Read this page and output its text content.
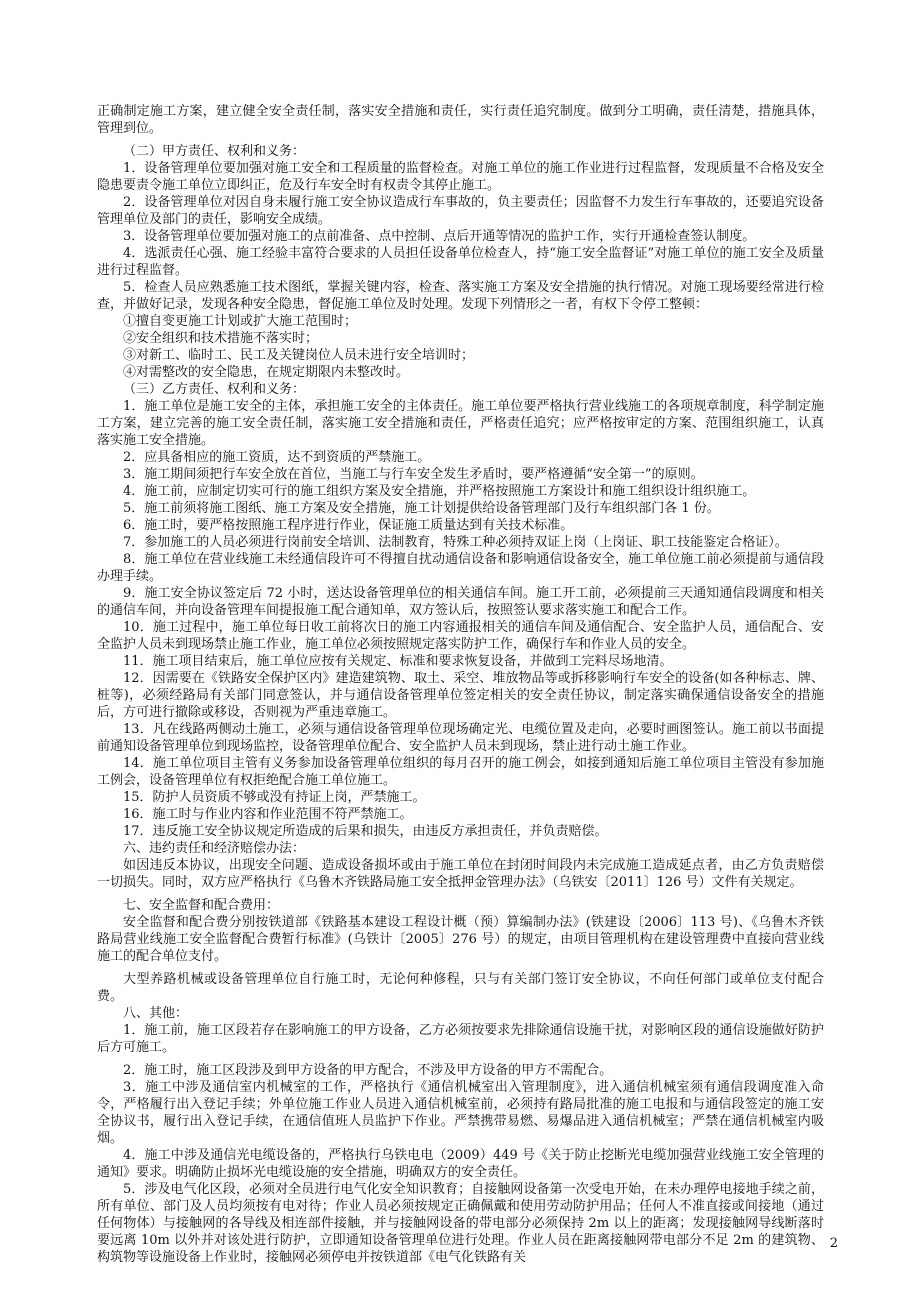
正确制定施工方案，建立健全安全责任制，落实安全措施和责任，实行责任追究制度。做到分工明确，责任清楚，措施具体，管理到位。

（二）甲方责任、权利和义务：

1．设备管理单位要加强对施工安全和工程质量的监督检查。对施工单位的施工作业进行过程监督，发现质量不合格及安全隐患要责令施工单位立即纠正，危及行车安全时有权责令其停止施工。

2．设备管理单位对因自身未履行施工安全协议造成行车事故的，负主要责任；因监督不力发生行车事故的，还要追究设备管理单位及部门的责任，影响安全成绩。

3．设备管理单位要加强对施工的点前准备、点中控制、点后开通等情况的监护工作，实行开通检查签认制度。

4．选派责任心强、施工经验丰富符合要求的人员担任设备单位检查人，持“施工安全监督证”对施工单位的施工安全及质量进行过程监督。

5．检查人员应熟悉施工技术图纸，掌握关键内容，检查、落实施工方案及安全措施的执行情况。对施工现场要经常进行检查，并做好记录，发现各种安全隐患，督促施工单位及时处理。发现下列情形之一者，有权下令停工整顿：

①擅自变更施工计划或扩大施工范围时；

②安全组织和技术措施不落实时；

③对新工、临时工、民工及关键岗位人员未进行安全培训时；

④对需整改的安全隐患，在规定期限内未整改时。

（三）乙方责任、权利和义务：

1．施工单位是施工安全的主体，承担施工安全的主体责任。施工单位要严格执行营业线施工的各项规章制度，科学制定施工方案，建立完善的施工安全责任制，落实施工安全措施和责任，严格责任追究；应严格按审定的方案、范围组织施工，认真落实施工安全措施。

2．应具备相应的施工资质，达不到资质的严禁施工。

3．施工期间须把行车安全放在首位，当施工与行车安全发生矛盾时，要严格遵循“安全第一”的原则。

4．施工前，应制定切实可行的施工组织方案及安全措施，并严格按照施工方案设计和施工组织设计组织施工。

5．施工前须将施工图纸、施工方案及安全措施，施工计划提供给设备管理部门及行车组织部门各 1 份。

6．施工时，要严格按照施工程序进行作业，保证施工质量达到有关技术标准。

7．参加施工的人员必须进行岗前安全培训、法制教育，特殊工种必须持双证上岗（上岗证、职工技能鉴定合格证）。

8．施工单位在营业线施工未经通信段许可不得擅自扰动通信设备和影响通信设备安全，施工单位施工前必须提前与通信段办理手续。

9．施工安全协议签定后 72 小时，送达设备管理单位的相关通信车间。施工开工前，必须提前三天通知通信段调度和相关的通信车间，并向设备管理车间提报施工配合通知单，双方签认后，按照签认要求落实施工和配合工作。

10．施工过程中，施工单位每日收工前将次日的施工内容通报相关的通信车间及通信配合、安全监护人员，通信配合、安全监护人员未到现场禁止施工作业，施工单位必须按照规定落实防护工作，确保行车和作业人员的安全。

11．施工项目结束后，施工单位应按有关规定、标准和要求恢复设备，并做到工完料尽场地清。

12．因需要在《铁路安全保护区内》建造建筑物、取土、采空、堆放物品等或拆移影响行车安全的设备(如各种标志、牌、桩等)，必须经路局有关部门同意签认，并与通信设备管理单位签定相关的安全责任协议，制定落实确保通信设备安全的措施后，方可进行撤除或移设，否则视为严重违章施工。

13．凡在线路两侧动土施工，必须与通信设备管理单位现场确定光、电缆位置及走向，必要时画图签认。施工前以书面提前通知设备管理单位到现场监控，设备管理单位配合、安全监护人员未到现场，禁止进行动土施工作业。

14．施工单位项目主管有义务参加设备管理单位组织的每月召开的施工例会，如接到通知后施工单位项目主管没有参加施工例会，设备管理单位有权拒绝配合施工单位施工。

15．防护人员资质不够或没有持证上岗，严禁施工。

16．施工时与作业内容和作业范围不符严禁施工。

17．违反施工安全协议规定所造成的后果和损失，由违反方承担责任，并负责赔偿。

六、违约责任和经济赔偿办法：

如因违反本协议，出现安全问题、造成设备损坏或由于施工单位在封闭时间段内未完成施工造成延点者，由乙方负责赔偿一切损失。同时，双方应严格执行《乌鲁木齐铁路局施工安全抵押金管理办法》（乌铁安〔2011〕126 号）文件有关规定。

七、安全监督和配合费用：

安全监督和配合费分别按铁道部《铁路基本建设工程设计概（预）算编制办法》(铁建设〔2006〕113 号)、《乌鲁木齐铁路局营业线施工安全监督配合费暂行标准》(乌铁计〔2005〕276 号）的规定，由项目管理机构在建设管理费中直接向营业线施工的配合单位支付。

大型养路机械或设备管理单位自行施工时，无论何种修程，只与有关部门签订安全协议，不向任何部门或单位支付配合费。

八、其他：

1．施工前，施工区段若存在影响施工的甲方设备，乙方必须按要求先排除通信设施干扰，对影响区段的通信设施做好防护后方可施工。

2．施工时，施工区段涉及到甲方设备的甲方配合，不涉及甲方设备的甲方不需配合。

3．施工中涉及通信室内机械室的工作，严格执行《通信机械室出入管理制度》，进入通信机械室须有通信段调度准入命令，严格履行出入登记手续；外单位施工作业人员进入通信机械室前，必须持有路局批准的施工电报和与通信段签定的施工安全协议书，履行出入登记手续，在通信值班人员监护下作业。严禁携带易燃、易爆品进入通信机械室；严禁在通信机械室内吸烟。

4．施工中涉及通信光电缆设备的，严格执行乌铁电电（2009）449 号《关于防止挖断光电缆加强营业线施工安全管理的通知》要求。明确防止损坏光电缆设施的安全措施，明确双方的安全责任。

5．涉及电气化区段，必须对全员进行电气化安全知识教育；自接触网设备第一次受电开始，在未办理停电接地手续之前，所有单位、部门及人员均须按有电对待；作业人员必须按规定正确佩戴和使用劳动防护用品；任何人不准直接或间接地（通过任何物体）与接触网的各导线及相连部件接触，并与接触网设备的带电部分必须保持 2m 以上的距离；发现接触网导线断落时要远离 10m 以外并对该处进行防护，立即通知设备管理单位进行处理。作业人员在距离接触网带电部分不足 2m 的建筑物、构筑物等设施设备上作业时，接触网必须停电并按铁道部《电气化铁路有关

2
